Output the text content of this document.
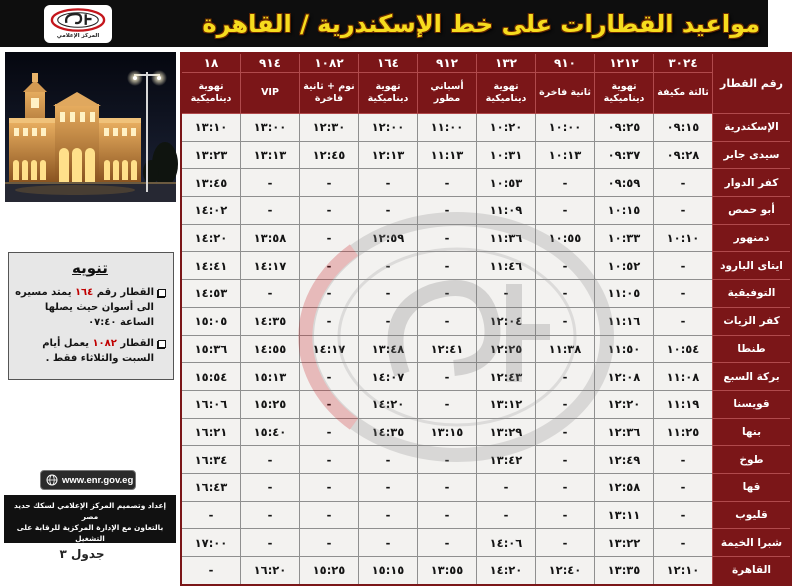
المركز الإعلامي	مواعيد القطارات على خط الإسكندرية / القاهرة
تنويه
القطار رقم ١٦٤ يمتد مسيره الى أسوان حيث يصلها الساعة ٠٧:٤٠
القطار ١٠٨٢ يعمل أيام السبت والثلاثاء فقط .
www.enr.gov.eg
إعداد وتصميم المركز الإعلامي لسكك حديد مصر
بالتعاون مع الإدارة المركزية للرقابة على التشغيل
جدول ٣
رقم القطار	٣٠٢٤	١٢١٢	٩١٠	١٣٢	٩١٢	١٦٤	١٠٨٢	٩١٤	١٨
	ثالثة مكيفة	تهوية ديناميكية	ثانية فاخرة	تهوية ديناميكية	أسباني مطور	تهوية ديناميكية	نوم + ثانية فاخرة	VIP	تهوية ديناميكية
الإسكندرية	٠٩:١٥	٠٩:٢٥	١٠:٠٠	١٠:٢٠	١١:٠٠	١٢:٠٠	١٢:٣٠	١٣:٠٠	١٣:١٠
سيدى جابر	٠٩:٢٨	٠٩:٣٧	١٠:١٣	١٠:٣١	١١:١٣	١٢:١٣	١٢:٤٥	١٣:١٣	١٣:٢٣
كفر الدوار	-	٠٩:٥٩	-	١٠:٥٣	-	-	-	-	١٣:٤٥
أبو حمص	-	١٠:١٥	-	١١:٠٩	-	-	-	-	١٤:٠٢
دمنهور	١٠:١٠	١٠:٣٣	١٠:٥٥	١١:٣٦	-	١٢:٥٩	-	١٣:٥٨	١٤:٢٠
ايتاى البارود	-	١٠:٥٢	-	١١:٤٦	-	-	-	١٤:١٧	١٤:٤١
التوفيقية	-	١١:٠٥	-	-	-	-	-	-	١٤:٥٣
كفر الزيات	-	١١:١٦	-	١٢:٠٤	-	-	-	١٤:٣٥	١٥:٠٥
طنطا	١٠:٥٤	١١:٥٠	١١:٣٨	١٢:٢٥	١٢:٤١	١٣:٤٨	١٤:١٧	١٤:٥٥	١٥:٣٦
بركة السبع	١١:٠٨	١٢:٠٨	-	١٢:٤٣	-	١٤:٠٧	-	١٥:١٣	١٥:٥٤
قويسنا	١١:١٩	١٢:٢٠	-	١٣:١٢	-	١٤:٢٠	-	١٥:٢٥	١٦:٠٦
بنها	١١:٢٥	١٢:٣٦	-	١٣:٢٩	١٣:١٥	١٤:٣٥	-	١٥:٤٠	١٦:٢١
طوخ	-	١٢:٤٩	-	١٣:٤٢	-	-	-	-	١٦:٣٤
قها	-	١٢:٥٨	-	-	-	-	-	-	١٦:٤٣
قليوب	-	١٣:١١	-	-	-	-	-	-	-
شبرا الخيمة	-	١٣:٢٢	-	١٤:٠٦	-	-	-	-	١٧:٠٠
القاهرة	١٢:١٠	١٣:٣٥	١٢:٤٠	١٤:٢٠	١٣:٥٥	١٥:١٥	١٥:٢٥	١٦:٢٠	-
